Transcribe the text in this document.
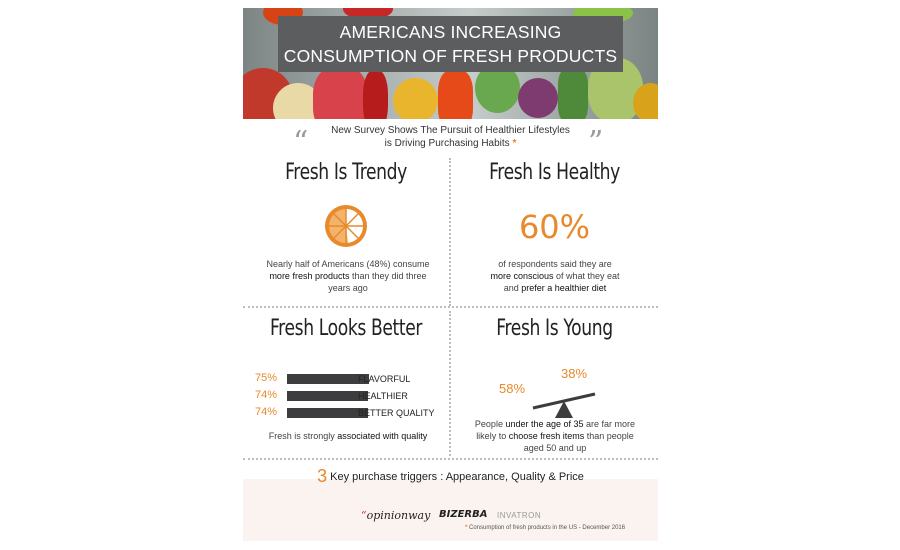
AMERICANS INCREASING
CONSUMPTION OF FRESH PRODUCTS
“	”
New Survey Shows The Pursuit of Healthier Lifestyles
is Driving Purchasing Habits *
Fresh Is Trendy
Nearly half of Americans (48%) consume
more fresh products than they did three
years ago
Fresh Is Healthy
60%
of respondents said they are
more conscious of what they eat
and prefer a healthier diet
Fresh Looks Better
75%	FLAVORFUL
74%	HEALTHIER
74%	BETTER QUALITY
Fresh is strongly associated with quality
Fresh Is Young
58%
38%
People under the age of 35 are far more
likely to choose fresh items than people
aged 50 and up
3 Key purchase triggers : Appearance, Quality & Price
“opinionway BIZERBA INVATRON
* Consumption of fresh products in the US - December 2016
